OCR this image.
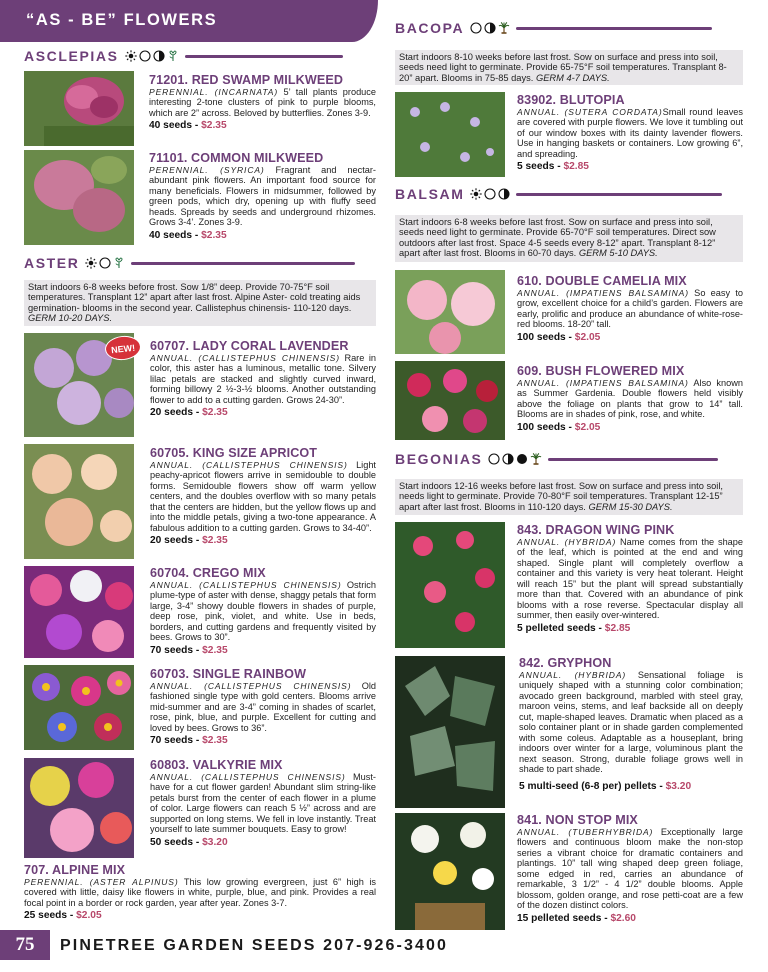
“AS - BE” FLOWERS
ASCLEPIAS
71201. RED SWAMP MILKWEED
PERENNIAL. (INCARNATA) 5’ tall plants produce interesting 2-tone clusters of pink to purple blooms, which are 2” across. Beloved by butterflies. Zones 3-9.
40 seeds - $2.35
71101. COMMON MILKWEED
PERENNIAL. (SYRICA) Fragrant and nectar-abundant pink flowers. An important food source for many beneficials. Flowers in midsummer, followed by green pods, which dry, opening up with fluffy seed heads. Spreads by seeds and underground rhizomes. Grows 3-4’. Zones 3-9.
40 seeds - $2.35
ASTER
Start indoors 6-8 weeks before frost. Sow 1/8” deep. Provide 70-75°F soil temperatures. Transplant 12” apart after last frost. Alpine Aster- cold treating aids germination- blooms in the second year. Callistephus chinensis- 110-120 days. GERM 10-20 DAYS.
NEW!	60707. LADY CORAL LAVENDER
ANNUAL. (CALLISTEPHUS CHINENSIS) Rare in color, this aster has a luminous, metallic tone. Silvery lilac petals are stacked and slightly curved inward, forming billowy 2 ½-3-½ blooms. Another outstanding flower to add to a cutting garden. Grows 24-30”.
20 seeds - $2.35
60705. KING SIZE APRICOT
ANNUAL. (CALLISTEPHUS CHINENSIS) Light peachy-apricot flowers arrive in semidouble to double forms. Semidouble flowers show off warm yellow centers, and the doubles overflow with so many petals that the centers are hidden, but the yellow flows up and into the middle petals, giving a two-tone appearance. A fabulous addition to a cutting garden. Grows to 34-40”.
20 seeds - $2.35
60704. CREGO MIX
ANNUAL. (CALLISTEPHUS CHINENSIS) Ostrich plume-type of aster with dense, shaggy petals that form large, 3-4” showy double flowers in shades of purple, deep rose, pink, violet, and white. Use in beds, borders, and cutting gardens and frequently visited by bees. Grows to 30”.
70 seeds - $2.35
60703. SINGLE RAINBOW
ANNUAL. (CALLISTEPHUS CHINENSIS) Old fashioned single type with gold centers. Blooms arrive mid-summer and are 3-4” coming in shades of scarlet, rose, pink, blue, and purple. Excellent for cutting and loved by bees. Grows to 36”.
70 seeds - $2.35
60803. VALKYRIE MIX
ANNUAL. (CALLISTEPHUS CHINENSIS) Must-have for a cut flower garden! Abundant slim string-like petals burst from the center of each flower in a plume of color. Large flowers can reach 5 ½” across and are supported on long stems. We fell in love instantly. Treat yourself to late summer bouquets. Easy to grow!
50 seeds - $3.20
707. ALPINE MIX
PERENNIAL. (ASTER ALPINUS) This low growing evergreen, just 6” high is covered with little, daisy like flowers in white, purple, blue, and pink. Provides a real focal point in a border or rock garden, year after year. Zones 3-7.
25 seeds - $2.05
BACOPA
Start indoors 8-10 weeks before last frost. Sow on surface and press into soil, seeds need light to germinate. Provide 65-75°F soil temperatures. Transplant 8-20” apart. Blooms in 75-85 days. GERM 4-7 DAYS.
83902. BLUTOPIA
ANNUAL. (SUTERA CORDATA)Small round leaves are covered with purple flowers. We love it tumbling out of our window boxes with its dainty lavender flowers. Use in hanging baskets or containers. Low growing 6”, and spreading.
5 seeds - $2.85
BALSAM
Start indoors 6-8 weeks before last frost. Sow on surface and press into soil, seeds need light to germinate. Provide 65-70°F soil temperatures. Direct sow outdoors after last frost. Space 4-5 seeds every 8-12” apart. Transplant 8-12” apart after last frost. Blooms in 60-70 days. GERM 5-10 DAYS.
610. DOUBLE CAMELIA MIX
ANNUAL. (IMPATIENS BALSAMINA) So easy to grow, excellent choice for a child’s garden. Flowers are early, prolific and produce an abundance of white-rose-red blooms. 18-20” tall.
100 seeds - $2.05
609. BUSH FLOWERED MIX
ANNUAL. (IMPATIENS BALSAMINA) Also known as Summer Gardenia. Double flowers held visibly above the foliage on plants that grow to 14” tall. Blooms are in shades of pink, rose, and white.
100 seeds - $2.05
BEGONIAS
Start indoors 12-16 weeks before last frost. Sow on surface and press into soil, needs light to germinate. Provide 70-80°F soil temperatures. Transplant 12-15” apart after last frost. Blooms in 110-120 days. GERM 15-30 DAYS.
843. DRAGON WING PINK
ANNUAL. (HYBRIDA) Name comes from the shape of the leaf, which is pointed at the end and wing shaped. Single plant will completely overflow a container and this variety is very heat tolerant. Height will reach 15” but the plant will spread substantially more than that. Covered with an abundance of pink blooms with a rose reverse. Spectacular display all summer, then easily over-wintered.
5 pelleted seeds - $2.85
842. GRYPHON
ANNUAL. (HYBRIDA) Sensational foliage is uniquely shaped with a stunning color combination; avocado green background, marbled with steel gray, maroon veins, stems, and leaf backside all on deeply cut, maple-shaped leaves. Dramatic when placed as a solo container plant or in shade garden complemented with some coleus. Adaptable as a houseplant, bring indoors over winter for a large, voluminous plant the next season. Strong, durable foliage grows well in shade to part shade.
5 multi-seed (6-8 per) pellets - $3.20
841. NON STOP MIX
ANNUAL. (TUBERHYBRIDA) Exceptionally large flowers and continuous bloom make the non-stop series a vibrant choice for dramatic containers and plantings. 10” tall wing shaped deep green foliage, some edged in red, carries an abundance of remarkable, 3 1/2” - 4 1/2” double blooms. Apple blossom, golden orange, and rose petti-coat are a few of the dozen distinct colors.
15 pelleted seeds - $2.60
75	PINETREE GARDEN SEEDS 207-926-3400
